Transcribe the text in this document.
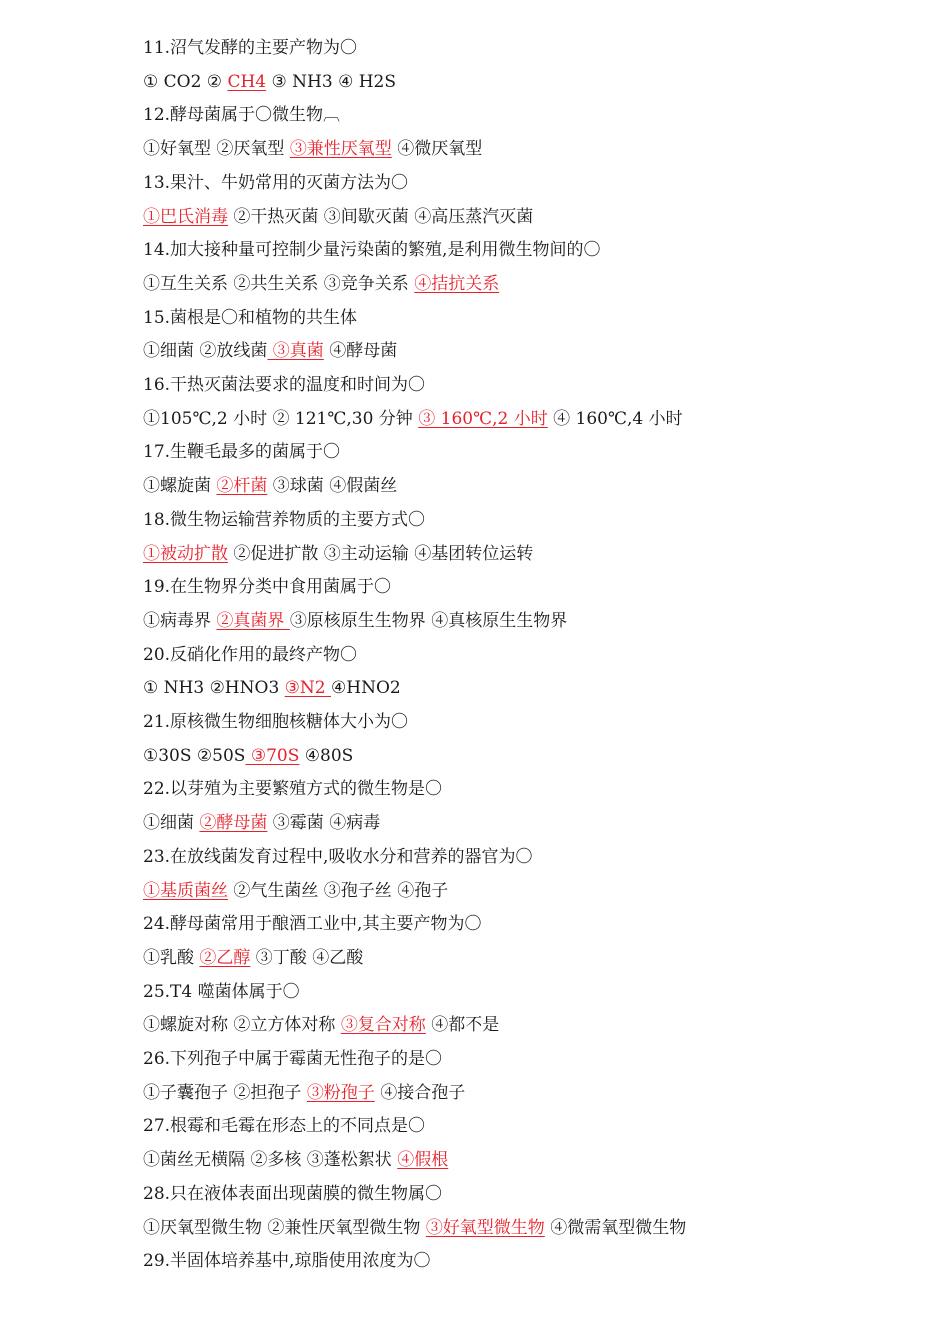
11.沼气发酵的主要产物为〇
① CO2 ② CH4 ③ NH3 ④ H2S
12.酵母菌属于〇微生物︹
①好氧型 ②厌氧型 ③兼性厌氧型 ④微厌氧型
13.果汁、牛奶常用的灭菌方法为〇
①巴氏消毒 ②干热灭菌 ③间歇灭菌 ④高压蒸汽灭菌
14.加大接种量可控制少量污染菌的繁殖,是利用微生物间的〇
①互生关系 ②共生关系 ③竞争关系 ④拮抗关系
15.菌根是〇和植物的共生体
①细菌 ②放线菌 ③真菌 ④酵母菌
16.干热灭菌法要求的温度和时间为〇
①105℃,2 小时 ② 121℃,30 分钟 ③ 160℃,2 小时 ④ 160℃,4 小时
17.生鞭毛最多的菌属于〇
①螺旋菌 ②杆菌 ③球菌 ④假菌丝
18.微生物运输营养物质的主要方式〇
①被动扩散 ②促进扩散 ③主动运输 ④基团转位运转
19.在生物界分类中食用菌属于〇
①病毒界 ②真菌界 ③原核原生生物界 ④真核原生生物界
20.反硝化作用的最终产物〇
① NH3 ②HNO3 ③N2 ④HNO2
21.原核微生物细胞核糖体大小为〇
①30S ②50S ③70S ④80S
22.以芽殖为主要繁殖方式的微生物是〇
①细菌 ②酵母菌 ③霉菌 ④病毒
23.在放线菌发育过程中,吸收水分和营养的器官为〇
①基质菌丝 ②气生菌丝 ③孢子丝 ④孢子
24.酵母菌常用于酿酒工业中,其主要产物为〇
①乳酸 ②乙醇 ③丁酸 ④乙酸
25.T4 噬菌体属于〇
①螺旋对称 ②立方体对称 ③复合对称 ④都不是
26.下列孢子中属于霉菌无性孢子的是〇
①子囊孢子 ②担孢子 ③粉孢子 ④接合孢子
27.根霉和毛霉在形态上的不同点是〇
①菌丝无横隔 ②多核 ③蓬松絮状 ④假根
28.只在液体表面出现菌膜的微生物属〇
①厌氧型微生物 ②兼性厌氧型微生物 ③好氧型微生物 ④微需氧型微生物
29.半固体培养基中,琼脂使用浓度为〇
